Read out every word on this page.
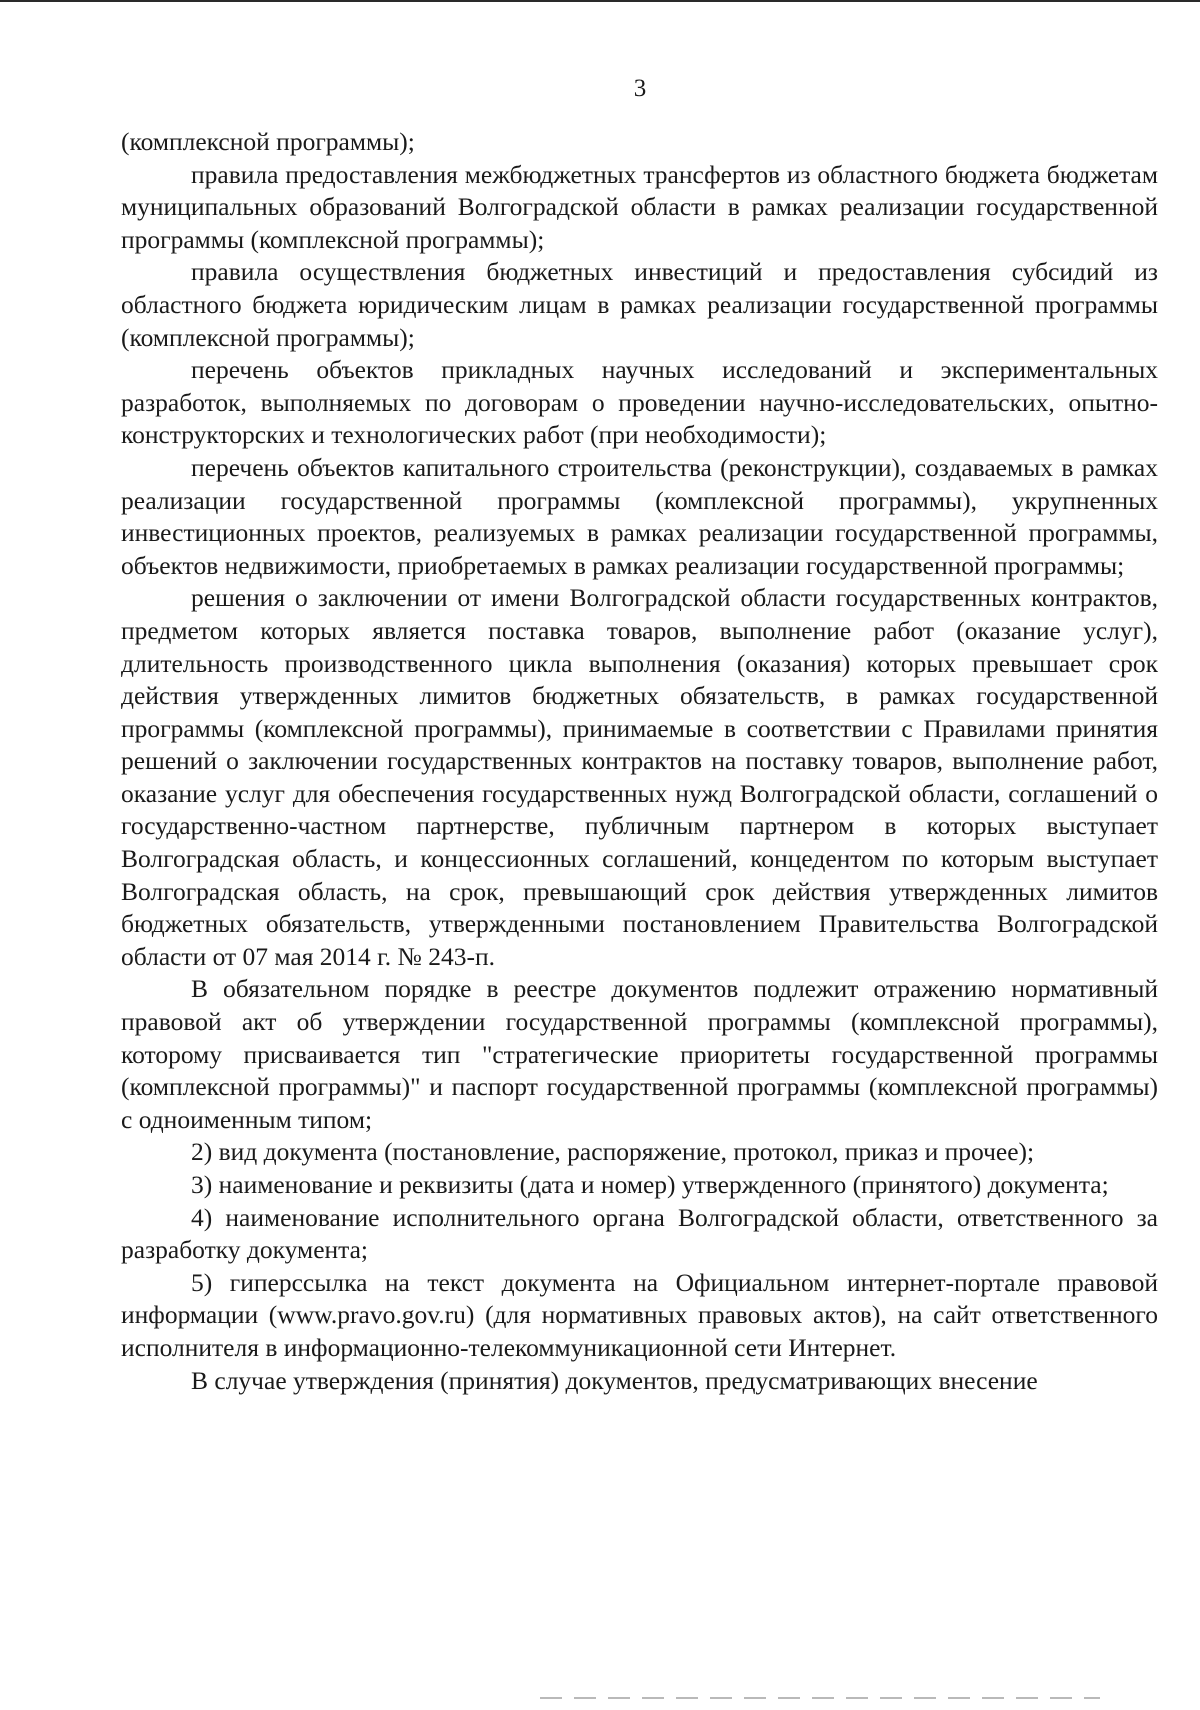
3

(комплексной программы);

правила предоставления межбюджетных трансфертов из областного бюджета бюджетам муниципальных образований Волгоградской области в рамках реализации государственной программы (комплексной программы);

правила осуществления бюджетных инвестиций и предоставления субсидий из областного бюджета юридическим лицам в рамках реализации государственной программы (комплексной программы);

перечень объектов прикладных научных исследований и экспериментальных разработок, выполняемых по договорам о проведении научно-исследовательских, опытно-конструкторских и технологических работ (при необходимости);

перечень объектов капитального строительства (реконструкции), создаваемых в рамках реализации государственной программы (комплексной программы), укрупненных инвестиционных проектов, реализуемых в рамках реализации государственной программы, объектов недвижимости, приобретаемых в рамках реализации государственной программы;

решения о заключении от имени Волгоградской области государственных контрактов, предметом которых является поставка товаров, выполнение работ (оказание услуг), длительность производственного цикла выполнения (оказания) которых превышает срок действия утвержденных лимитов бюджетных обязательств, в рамках государственной программы (комплексной программы), принимаемые в соответствии с Правилами принятия решений о заключении государственных контрактов на поставку товаров, выполнение работ, оказание услуг для обеспечения государственных нужд Волгоградской области, соглашений о государственно-частном партнерстве, публичным партнером в которых выступает Волгоградская область, и концессионных соглашений, концедентом по которым выступает Волгоградская область, на срок, превышающий срок действия утвержденных лимитов бюджетных обязательств, утвержденными постановлением Правительства Волгоградской области от 07 мая 2014 г. № 243-п.

В обязательном порядке в реестре документов подлежит отражению нормативный правовой акт об утверждении государственной программы (комплексной программы), которому присваивается тип "стратегические приоритеты государственной программы (комплексной программы)" и паспорт государственной программы (комплексной программы) с одноименным типом;

2) вид документа (постановление, распоряжение, протокол, приказ и прочее);

3) наименование и реквизиты (дата и номер) утвержденного (принятого) документа;

4) наименование исполнительного органа Волгоградской области, ответственного за разработку документа;

5) гиперссылка на текст документа на Официальном интернет-портале правовой информации (www.pravo.gov.ru) (для нормативных правовых актов), на сайт ответственного исполнителя в информационно-телекоммуникационной сети Интернет.

В случае утверждения (принятия) документов, предусматривающих внесение
